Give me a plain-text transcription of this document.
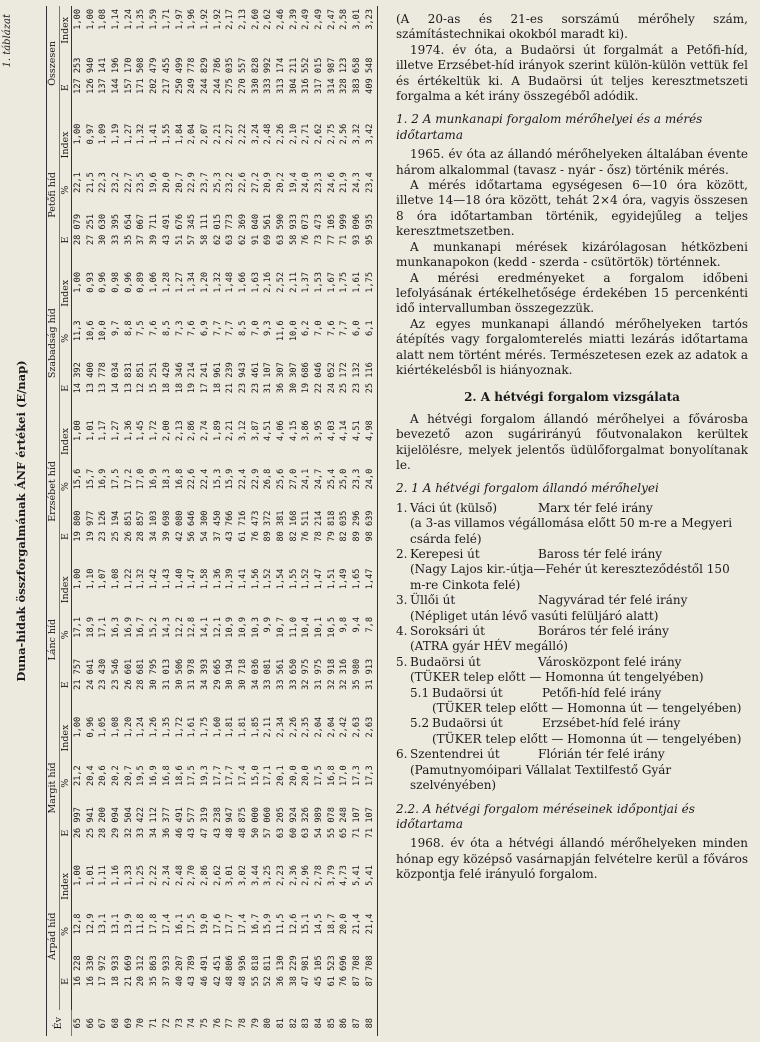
1. táblázat
Duna-hidak összforgalmának ÁNF értékei (E/nap)
Év	Árpád híd			Margit híd			Lánc híd			Erzsébet híd			Szabadság híd			Petőfi híd			Összesen	
	E	%	Index	E	%	Index	E	%	Index	E	%	Index	E	%	Index	E	%	Index	E	Index
65	16 228	12,8	1,00	26 997	21,2	1,00	21 757	17,1	1,00	19 800	15,6	1,00	14 392	11,3	1,00	28 079	22,1	1,00	127 253	1,00
66	16 330	12,9	1,01	25 941	20,4	0,96	24 041	18,9	1,10	19 977	15,7	1,01	13 400	10,6	0,93	27 251	21,5	0,97	126 940	1,00
67	17 972	13,1	1,11	28 200	20,6	1,05	23 430	17,1	1,07	23 126	16,9	1,17	13 778	10,0	0,96	30 630	22,3	1,09	137 141	1,08
68	18 933	13,1	1,16	29 094	20,2	1,08	23 546	16,3	1,08	25 194	17,5	1,27	14 034	9,7	0,98	33 395	23,2	1,19	144 196	1,14
69	21 669	13,9	1,33	32 504	20,7	1,20	26 601	16,9	1,22	26 851	17,2	1,36	13 831	8,8	0,96	35 654	22,7	1,27	157 170	1,24
70	20 312	11,8	1,25	33 422	19,5	1,24	28 681	16,7	1,32	28 857	17,0	1,45	12 851	7,5	0,89	37 067	23,5	1,32	171 508	1,35
71	35 863	17,8	2,22	34 112	16,9	1,26	30 795	15,2	1,42	34 103	16,9	1,72	15 251	7,6	1,06	39 711	19,6	1,41	202 479	1,59
72	37 933	17,4	2,34	36 377	16,8	1,35	31 013	14,3	1,43	39 698	18,3	2,00	18 420	8,5	1,28	43 491	20,0	1,55	217 455	1,71
73	40 207	16,1	2,48	46 491	18,6	1,72	30 506	12,2	1,40	42 080	16,8	2,13	18 346	7,3	1,27	51 676	20,7	1,84	250 499	1,97
74	43 789	17,5	2,70	43 577	17,5	1,61	31 978	12,8	1,47	56 646	22,6	2,86	19 214	7,6	1,34	57 345	22,9	2,04	249 778	1,96
75	46 491	19,0	2,86	47 319	19,3	1,75	34 393	14,1	1,58	54 300	22,4	2,74	17 241	6,9	1,20	58 111	23,7	2,07	244 829	1,92
76	42 451	17,6	2,62	43 238	17,7	1,60	29 665	12,1	1,36	37 450	15,3	1,89	18 961	7,7	1,32	62 015	25,3	2,21	244 786	1,92
77	48 806	17,7	3,01	48 947	17,7	1,81	30 194	10,9	1,39	43 766	15,9	2,21	21 239	7,7	1,48	63 773	23,2	2,27	275 035	2,17
78	48 936	17,4	3,02	48 875	17,4	1,81	30 718	10,9	1,41	61 716	22,4	3,12	23 943	8,5	1,66	62 369	22,6	2,22	270 557	2,13
79	55 818	16,7	3,44	50 000	15,0	1,85	34 036	10,3	1,56	76 473	22,9	3,87	23 461	7,0	1,63	91 040	27,2	3,24	330 828	2,60
80	52 811	15,9	3,25	57 060	17,1	2,11	33 081	9,9	1,52	89 372	26,8	4,51	31 107	9,3	2,16	69 561	20,9	2,48	333 992	2,62
81	36 130	11,5	2,23	63 205	20,1	2,34	33 561	10,7	1,54	80 381	25,6	4,06	36 307	11,6	2,52	63 590	20,2	2,26	313 174	2,46
82	38 229	12,6	2,36	60 924	20,0	2,26	33 650	11,0	1,55	82 168	27,0	4,15	30 307	10,0	2,11	58 933	19,4	2,10	304 211	2,39
83	47 981	15,1	2,96	63 326	20,0	2,35	32 975	10,4	1,52	76 511	24,1	3,86	19 686	6,2	1,37	76 073	24,0	2,71	316 552	2,49
84	45 105	14,5	2,78	54 989	17,5	2,04	31 975	10,1	1,47	78 214	24,7	3,95	22 046	7,0	1,53	73 473	23,3	2,62	317 015	2,49
85	61 523	18,7	3,79	55 078	16,8	2,04	32 918	10,5	1,51	79 818	25,4	4,03	24 052	7,6	1,67	77 105	24,6	2,75	314 987	2,47
86	76 696	20,0	4,73	65 248	17,0	2,42	32 316	9,8	1,49	82 035	25,0	4,14	25 172	7,7	1,75	71 999	21,9	2,56	328 123	2,58
87	87 708	21,4	5,41	71 107	17,3	2,63	35 980	9,4	1,65	89 296	23,3	4,51	23 132	6,0	1,61	93 096	24,3	3,32	383 658	3,01
88	87 708	21,4	5,41	71 107	17,3	2,63	31 913	7,8	1,47	98 639	24,0	4,98	25 116	6,1	1,75	95 935	23,4	3,42	409 548	3,23 (A 20-as és 21-es sorszámú mérőhely szám, számítástechnikai okokból maradt ki).

1974. év óta, a Budaörsi út forgalmát a Petőfi-híd, illetve Erzsébet-híd irányok szerint külön-külön vettük fel és értékeltük ki. A Budaörsi út teljes keresztmetszeti forgalma a két irány összegéből adódik.

1. 2 A munkanapi forgalom mérőhelyei és a mérés időtartama

1965. év óta az állandó mérőhelyeken általában évente három alkalommal (tavasz - nyár - ősz) történik mérés.

A mérés időtartama egységesen 6—10 óra között, illetve 14—18 óra között, tehát 2×4 óra, vagyis összesen 8 óra időtartamban történik, egyidejűleg a teljes keresztmetszetben.

A munkanapi mérések kizárólagosan hétközbeni munkanapokon (kedd - szerda - csütörtök) történnek.

A mérési eredményeket a forgalom időbeni lefolyásának értékelhetősége érdekében 15 percenkénti idő intervallumban összegezzük.

Az egyes munkanapi állandó mérőhelyeken tartós átépítés vagy forgalomterelés miatti lezárás időtartama alatt nem történt mérés. Természetesen ezek az adatok a kiértékelésből is hiányoznak.

2. A hétvégi forgalom vizsgálata

A hétvégi forgalom állandó mérőhelyei a fővárosba bevezető azon sugárirányú főutvonalakon kerültek kijelölésre, melyek jelentős üdülőforgalmat bonyolítanak le.

2. 1 A hétvégi forgalom állandó mérőhelyei
1. Váci út (külső)	Marx tér felé irány
(a 3-as villamos végállomása előtt 50 m-re a Megyeri csárda felé)
2. Kerepesi út	Baross tér felé irány
(Nagy Lajos kir.-útja—Fehér út kereszteződéstől 150 m-re Cinkota felé)
3. Üllői út	Nagyvárad tér felé irány
(Népliget után lévő vasúti felüljáró alatt)
4. Soroksári út	Boráros tér felé irány
(ATRA gyár HÉV megálló)
5. Budaörsi út	Városközpont felé irány
(TÜKER telep előtt — Homonna út tengelyében)
5.1 Budaörsi út	Petőfi-híd felé irány
(TÜKER telep előtt — Homonna út — tengelyében)
5.2 Budaörsi út	Erzsébet-híd felé irány
(TÜKER telep előtt — Homonna út — tengelyében)
6. Szentendrei út	Flórián tér felé irány
(Pamutnyomóipari Vállalat Textilfestő Gyár szelvényében)
2.2. A hétvégi forgalom méréseinek időpontjai és időtartama

1968. év óta a hétvégi állandó mérőhelyeken minden hónap egy középső vasárnapján felvételre kerül a főváros központja felé irányuló forgalom.
